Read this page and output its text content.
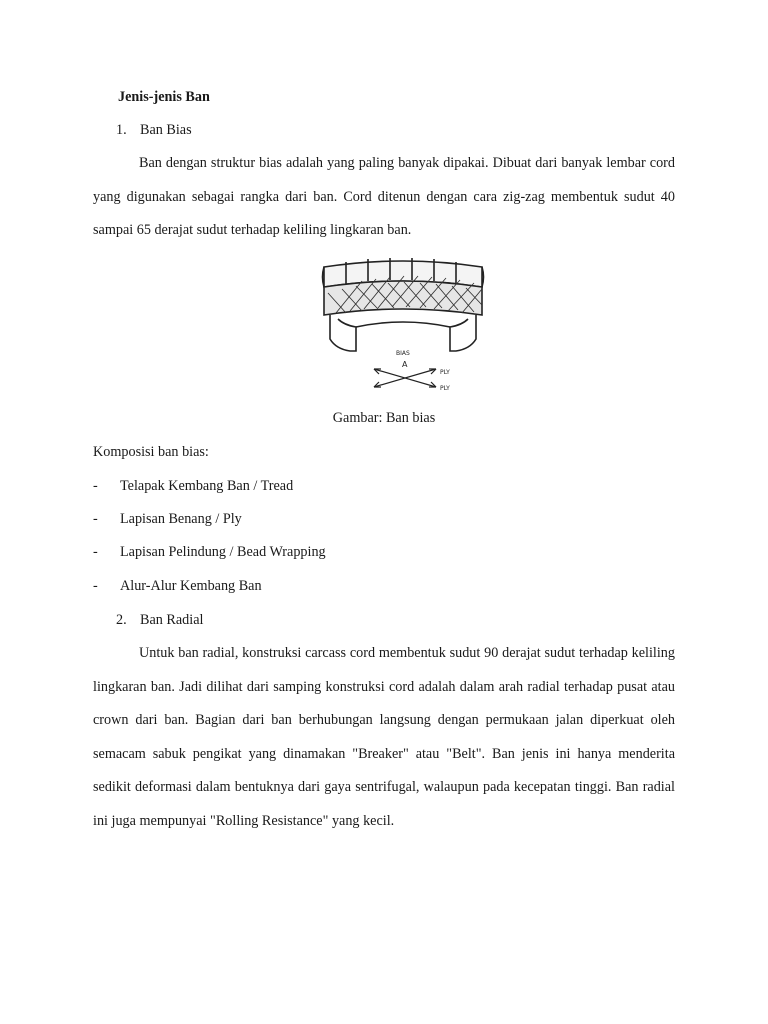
Jenis-jenis Ban
1. Ban Bias

Ban dengan struktur bias adalah yang paling banyak dipakai. Dibuat dari banyak lembar cord yang digunakan sebagai rangka dari ban. Cord ditenun dengan cara zig-zag membentuk sudut 40 sampai 65 derajat sudut terhadap keliling lingkaran ban.

BIAS
A
PLY
PLY
Gambar: Ban bias
Komposisi ban bias:
- Telapak Kembang Ban / Tread
- Lapisan Benang / Ply
- Lapisan Pelindung / Bead Wrapping
- Alur-Alur Kembang Ban
2. Ban Radial

Untuk ban radial, konstruksi carcass cord membentuk sudut 90 derajat sudut terhadap keliling lingkaran ban. Jadi dilihat dari samping konstruksi cord adalah dalam arah radial terhadap pusat atau crown dari ban. Bagian dari ban berhubungan langsung dengan permukaan jalan diperkuat oleh semacam sabuk pengikat yang dinamakan "Breaker" atau "Belt". Ban jenis ini hanya menderita sedikit deformasi dalam bentuknya dari gaya sentrifugal, walaupun pada kecepatan tinggi. Ban radial ini juga mempunyai "Rolling Resistance" yang kecil.
